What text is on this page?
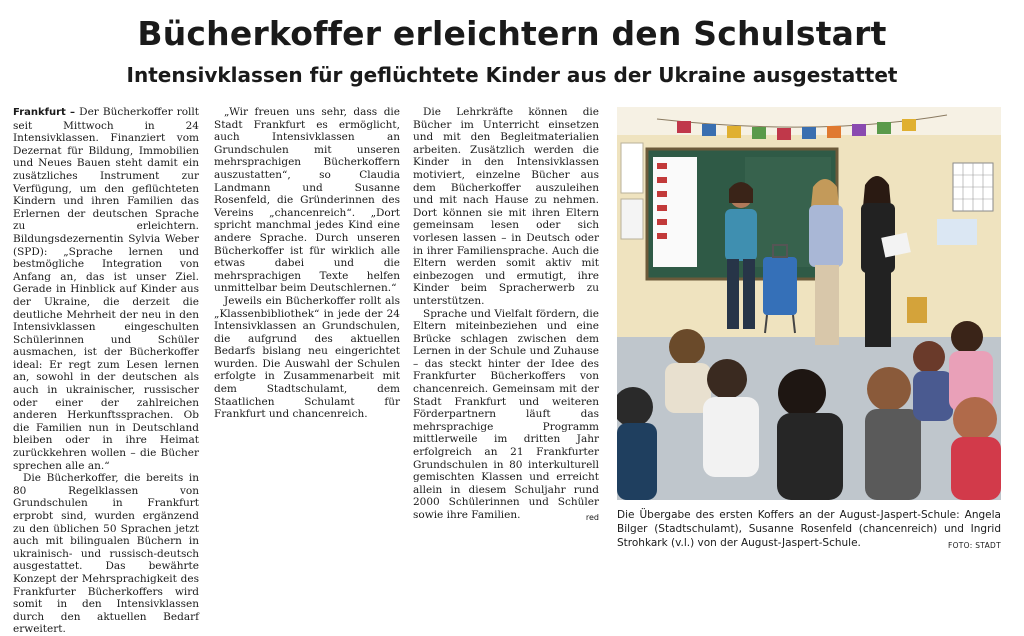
Bücherkoffer erleichtern den Schulstart
Intensivklassen für geflüchtete Kinder aus der Ukraine ausgestattet

Frankfurt – Der Bücherkoffer rollt seit Mittwoch in 24 Intensivklassen. Finanziert vom Dezernat für Bildung, Immobilien und Neues Bauen steht damit ein zusätzliches Instrument zur Verfügung, um den geflüchteten Kindern und ihren Familien das Erlernen der deutschen Sprache zu erleichtern. Bildungsdezernentin Sylvia Weber (SPD): „Sprache lernen und bestmögliche Integration von Anfang an, das ist unser Ziel. Gerade in Hinblick auf Kinder aus der Ukraine, die derzeit die deutliche Mehrheit der neu in den Intensivklassen eingeschulten Schülerinnen und Schüler ausmachen, ist der Bücherkoffer ideal: Er regt zum Lesen lernen an, sowohl in der deutschen als auch in ukrainischer, russischer oder einer der zahlreichen anderen Herkunftssprachen. Ob die Familien nun in Deutschland bleiben oder in ihre Heimat zurückkehren wollen – die Bücher sprechen alle an.“

Die Bücherkoffer, die bereits in 80 Regelklassen von Grundschulen in Frankfurt erprobt sind, wurden ergänzend zu den üblichen 50 Sprachen jetzt auch mit bilingualen Büchern in ukrainisch- und russisch-deutsch ausgestattet. Das bewährte Konzept der Mehrsprachigkeit des Frankfurter Bücherkoffers wird somit in den Intensivklassen durch den aktuellen Bedarf erweitert.

„Wir freuen uns sehr, dass die Stadt Frankfurt es ermöglicht, auch Intensivklassen an Grundschulen mit unseren mehrsprachigen Bücherkoffern auszustatten“, so Claudia Landmann und Susanne Rosenfeld, die Gründerinnen des Vereins „chancenreich“. „Dort spricht manchmal jedes Kind eine andere Sprache. Durch unseren Bücherkoffer ist für wirklich alle etwas dabei und die mehrsprachigen Texte helfen unmittelbar beim Deutschlernen.“

Jeweils ein Bücherkoffer rollt als „Klassenbibliothek“ in jede der 24 Intensivklassen an Grundschulen, die aufgrund des aktuellen Bedarfs bislang neu eingerichtet wurden. Die Auswahl der Schulen erfolgte in Zusammenarbeit mit dem Stadtschulamt, dem Staatlichen Schulamt für Frankfurt und chancenreich.

Die Lehrkräfte können die Bücher im Unterricht einsetzen und mit den Begleitmaterialien arbeiten. Zusätzlich werden die Kinder in den Intensivklassen motiviert, einzelne Bücher aus dem Bücherkoffer auszuleihen und mit nach Hause zu nehmen. Dort können sie mit ihren Eltern gemeinsam lesen oder sich vorlesen lassen – in Deutsch oder in ihrer Familiensprache. Auch die Eltern werden somit aktiv mit einbezogen und ermutigt, ihre Kinder beim Spracherwerb zu unterstützen.

Sprache und Vielfalt fördern, die Eltern miteinbeziehen und eine Brücke schlagen zwischen dem Lernen in der Schule und Zuhause – das steckt hinter der Idee des Frankfurter Bücherkoffers von chancenreich. Gemeinsam mit der Stadt Frankfurt und weiteren Förderpartnern läuft das mehrsprachige Programm mittlerweile im dritten Jahr erfolgreich an 21 Frankfurter Grundschulen in 80 interkulturell gemischten Klassen und erreicht allein in diesem Schuljahr rund 2000 Schülerinnen und Schüler sowie ihre Familien.	red Die Übergabe des ersten Koffers an der August-Jaspert-Schule: Angela Bilger (Stadtschulamt), Susanne Rosenfeld (chancenreich) und Ingrid Strohkark (v.l.) von der August-Jaspert-Schule.	FOTO: STADT
